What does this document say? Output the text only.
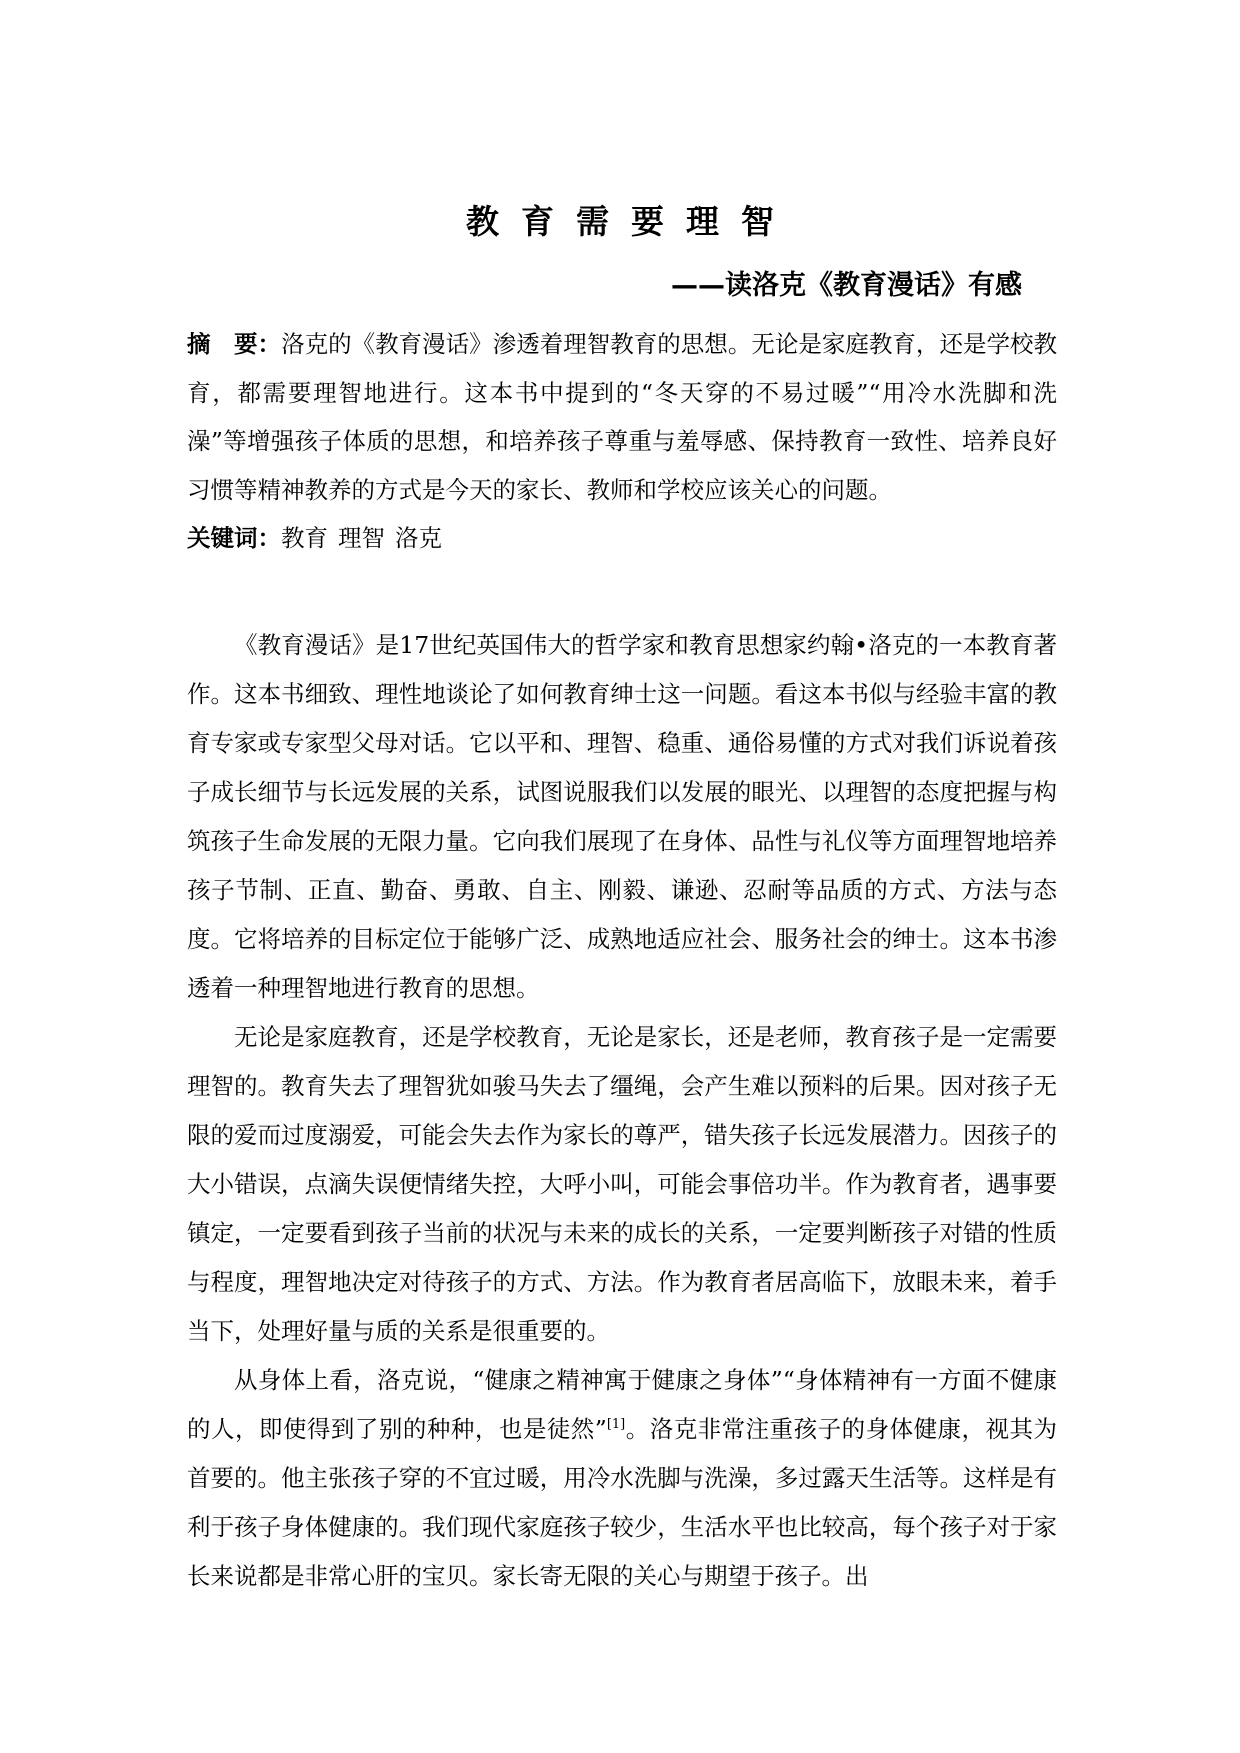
教育需要理智
——读洛克《教育漫话》有感

摘　要：洛克的《教育漫话》渗透着理智教育的思想。无论是家庭教育，还是学校教育，都需要理智地进行。这本书中提到的“冬天穿的不易过暖”“用冷水洗脚和洗澡”等增强孩子体质的思想，和培养孩子尊重与羞辱感、保持教育一致性、培养良好习惯等精神教养的方式是今天的家长、教师和学校应该关心的问题。

关键词：教育 理智 洛克

《教育漫话》是17世纪英国伟大的哲学家和教育思想家约翰•洛克的一本教育著作。这本书细致、理性地谈论了如何教育绅士这一问题。看这本书似与经验丰富的教育专家或专家型父母对话。它以平和、理智、稳重、通俗易懂的方式对我们诉说着孩子成长细节与长远发展的关系，试图说服我们以发展的眼光、以理智的态度把握与构筑孩子生命发展的无限力量。它向我们展现了在身体、品性与礼仪等方面理智地培养孩子节制、正直、勤奋、勇敢、自主、刚毅、谦逊、忍耐等品质的方式、方法与态度。它将培养的目标定位于能够广泛、成熟地适应社会、服务社会的绅士。这本书渗透着一种理智地进行教育的思想。

无论是家庭教育，还是学校教育，无论是家长，还是老师，教育孩子是一定需要理智的。教育失去了理智犹如骏马失去了缰绳，会产生难以预料的后果。因对孩子无限的爱而过度溺爱，可能会失去作为家长的尊严，错失孩子长远发展潜力。因孩子的大小错误，点滴失误便情绪失控，大呼小叫，可能会事倍功半。作为教育者，遇事要镇定，一定要看到孩子当前的状况与未来的成长的关系，一定要判断孩子对错的性质与程度，理智地决定对待孩子的方式、方法。作为教育者居高临下，放眼未来，着手当下，处理好量与质的关系是很重要的。

从身体上看，洛克说，“健康之精神寓于健康之身体”“身体精神有一方面不健康的人，即使得到了别的种种，也是徒然”[1]。洛克非常注重孩子的身体健康，视其为首要的。他主张孩子穿的不宜过暖，用冷水洗脚与洗澡，多过露天生活等。这样是有利于孩子身体健康的。我们现代家庭孩子较少，生活水平也比较高，每个孩子对于家长来说都是非常心肝的宝贝。家长寄无限的关心与期望于孩子。出
